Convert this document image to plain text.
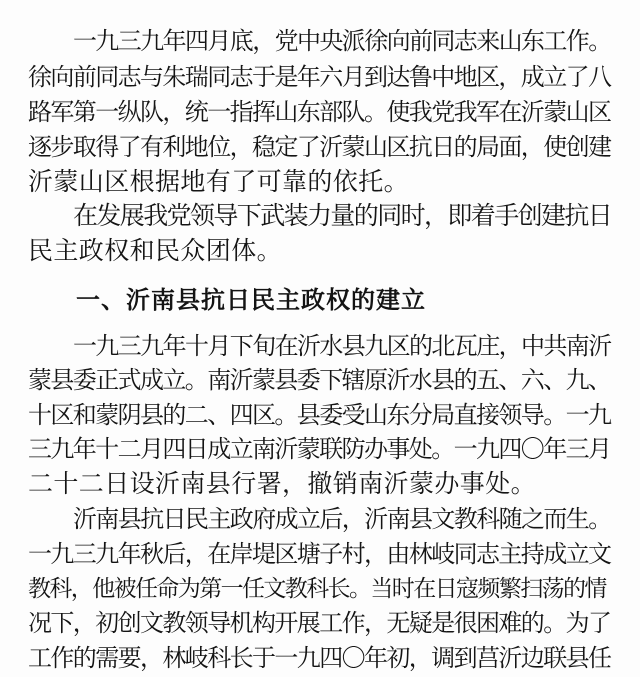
一九三九年四月底，党中央派徐向前同志来山东工作。
徐向前同志与朱瑞同志于是年六月到达鲁中地区，成立了八
路军第一纵队，统一指挥山东部队。使我党我军在沂蒙山区
逐步取得了有利地位，稳定了沂蒙山区抗日的局面，使创建
沂蒙山区根据地有了可靠的依托。
在发展我党领导下武装力量的同时，即着手创建抗日
民主政权和民众团体。
一、沂南县抗日民主政权的建立
一九三九年十月下旬在沂水县九区的北瓦庄，中共南沂
蒙县委正式成立。南沂蒙县委下辖原沂水县的五、六、九、
十区和蒙阴县的二、四区。县委受山东分局直接领导。一九
三九年十二月四日成立南沂蒙联防办事处。一九四〇年三月
二十二日设沂南县行署，撤销南沂蒙办事处。
沂南县抗日民主政府成立后，沂南县文教科随之而生。
一九三九年秋后，在岸堤区塘子村，由林岐同志主持成立文
教科，他被任命为第一任文教科长。当时在日寇频繁扫荡的情
况下，初创文教领导机构开展工作，无疑是很困难的。为了
工作的需要，林岐科长于一九四〇年初，调到莒沂边联县任
